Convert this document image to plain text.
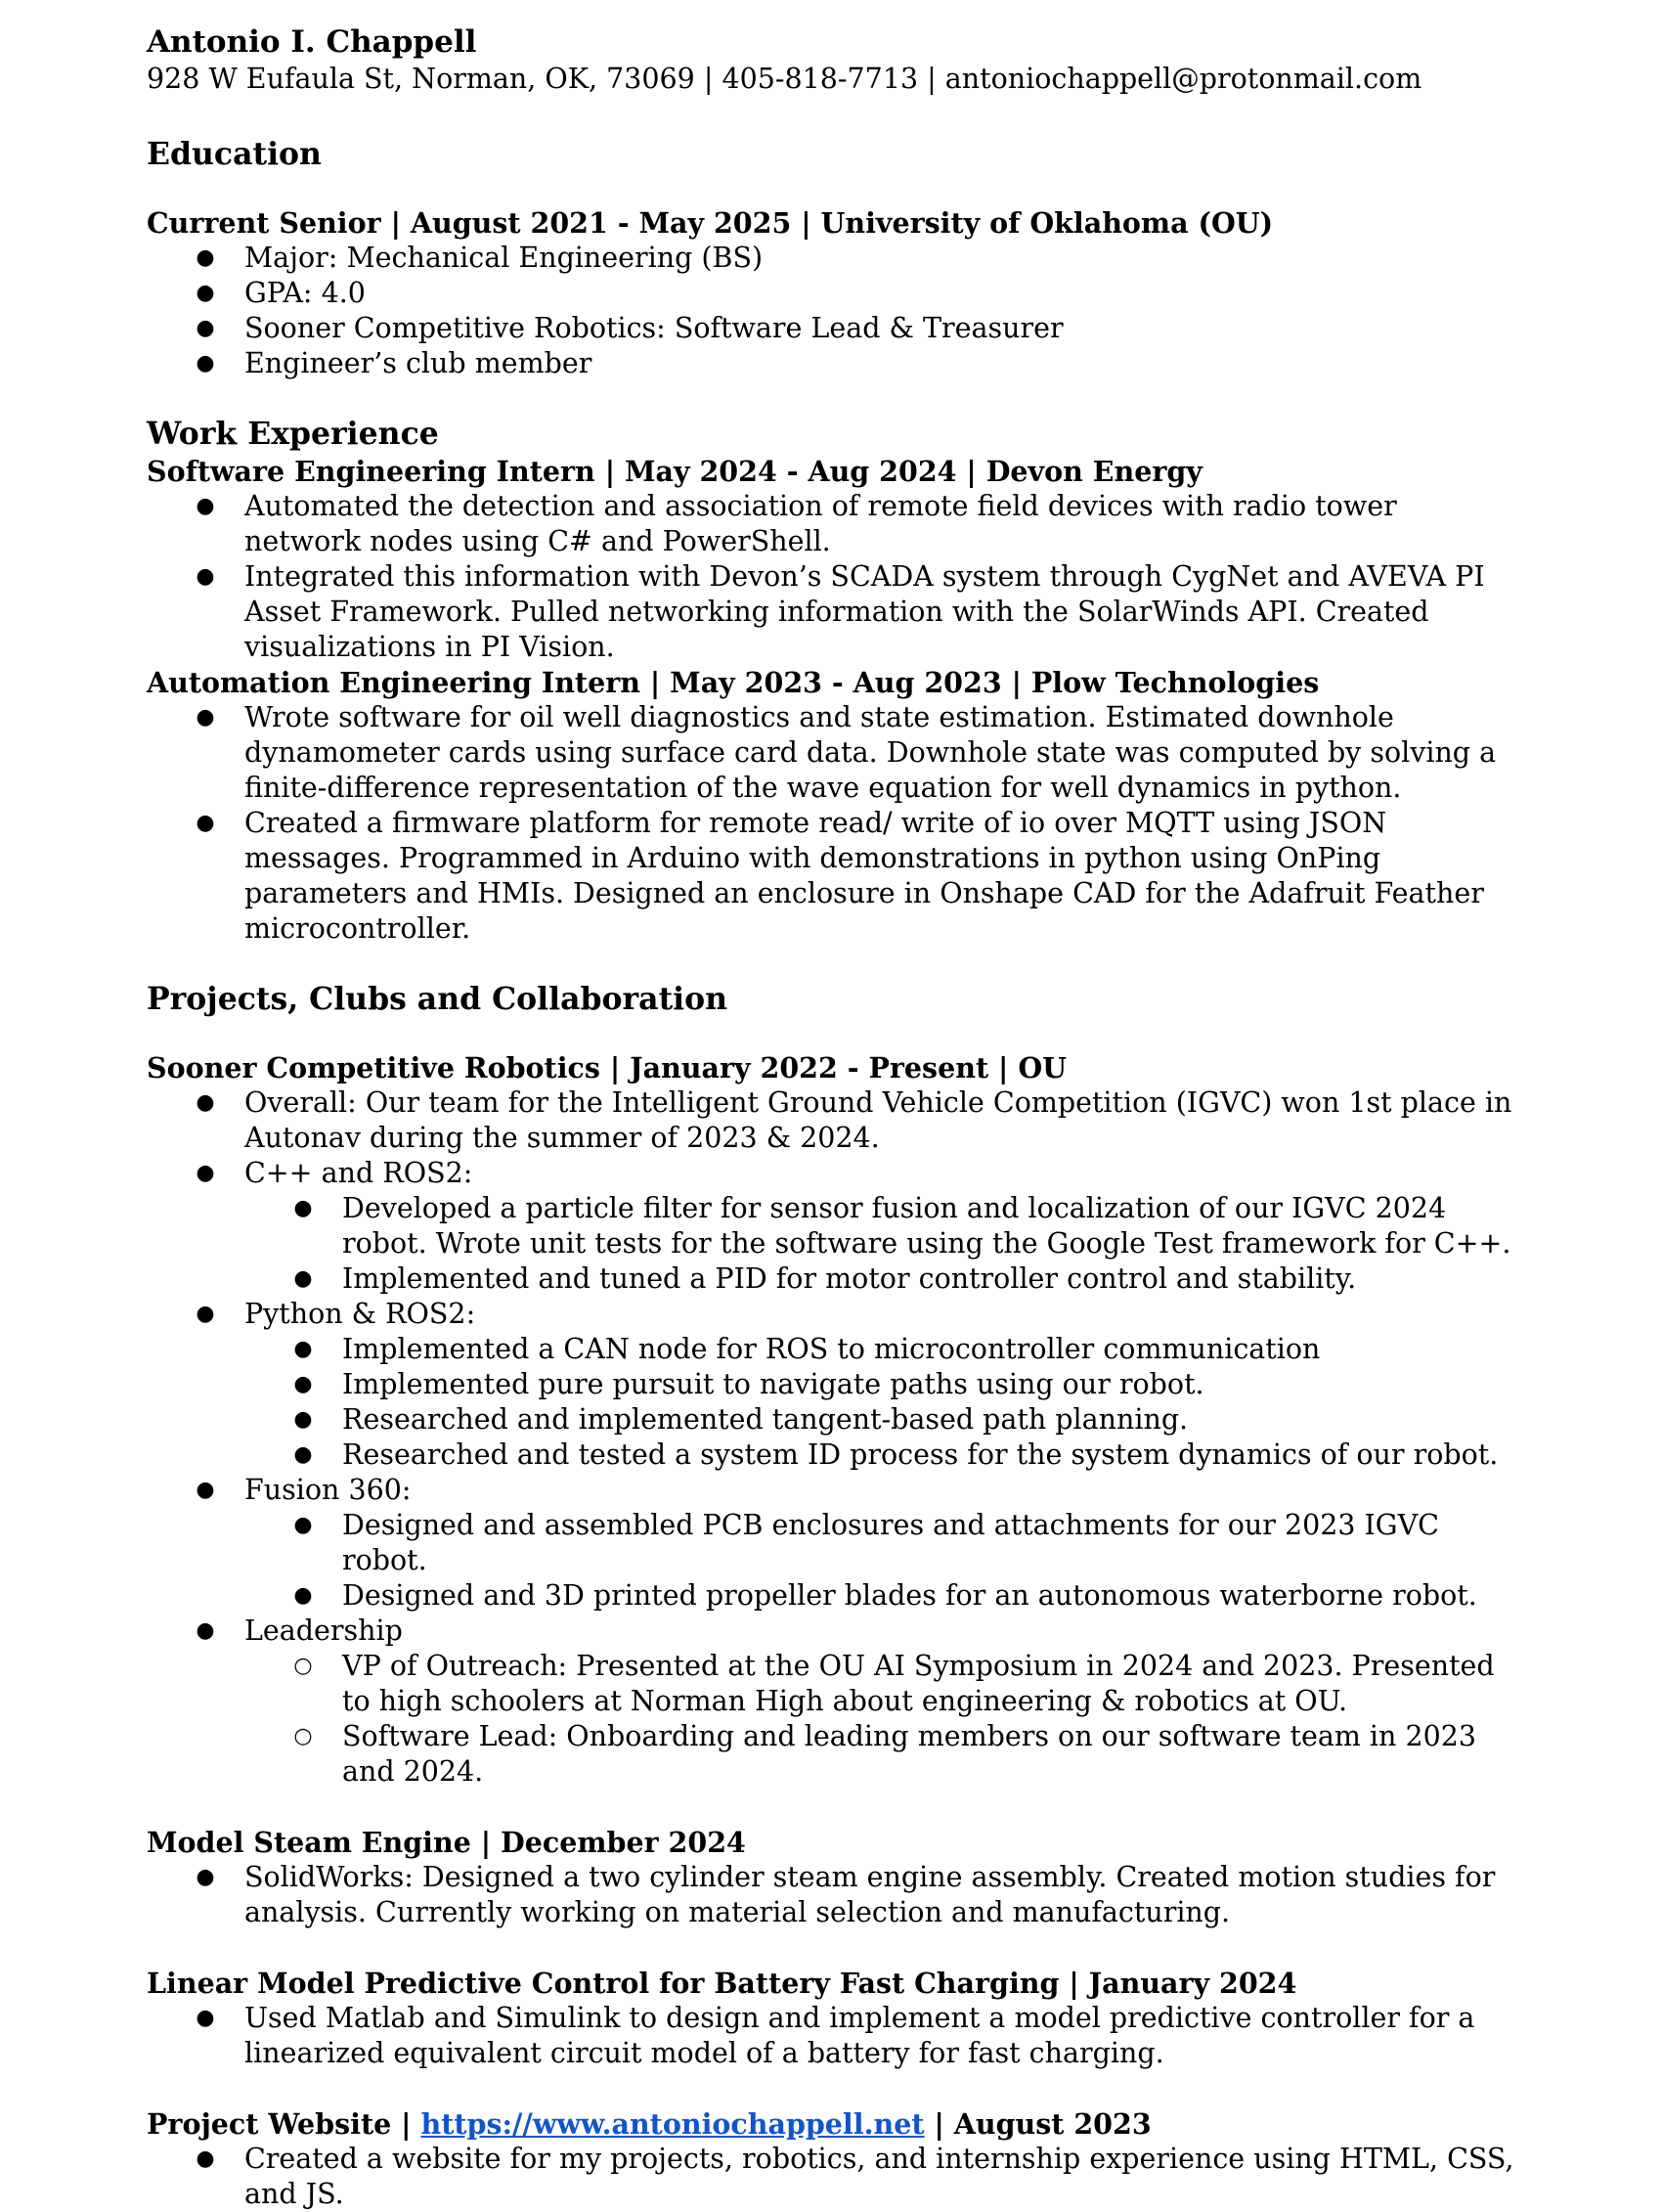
Antonio I. Chappell
928 W Eufaula St, Norman, OK, 73069 | 405-818-7713 | antoniochappell@protonmail.com
Education
Current Senior | August 2021 - May 2025 | University of Oklahoma (OU)
● Major: Mechanical Engineering (BS)
● GPA: 4.0
● Sooner Competitive Robotics: Software Lead & Treasurer
● Engineer’s club member
Work Experience
Software Engineering Intern | May 2024 - Aug 2024 | Devon Energy
● Automated the detection and association of remote field devices with radio tower network nodes using C# and PowerShell.
● Integrated this information with Devon’s SCADA system through CygNet and AVEVA PI Asset Framework. Pulled networking information with the SolarWinds API. Created visualizations in PI Vision.
Automation Engineering Intern | May 2023 - Aug 2023 | Plow Technologies
● Wrote software for oil well diagnostics and state estimation. Estimated downhole dynamometer cards using surface card data. Downhole state was computed by solving a finite-difference representation of the wave equation for well dynamics in python.
● Created a firmware platform for remote read/ write of io over MQTT using JSON messages. Programmed in Arduino with demonstrations in python using OnPing parameters and HMIs. Designed an enclosure in Onshape CAD for the Adafruit Feather microcontroller.
Projects, Clubs and Collaboration
Sooner Competitive Robotics | January 2022 - Present | OU
● Overall: Our team for the Intelligent Ground Vehicle Competition (IGVC) won 1st place in Autonav during the summer of 2023 & 2024.
● C++ and ROS2:
● Developed a particle filter for sensor fusion and localization of our IGVC 2024 robot. Wrote unit tests for the software using the Google Test framework for C++.
● Implemented and tuned a PID for motor controller control and stability.
● Python & ROS2:
● Implemented a CAN node for ROS to microcontroller communication
● Implemented pure pursuit to navigate paths using our robot.
● Researched and implemented tangent-based path planning.
● Researched and tested a system ID process for the system dynamics of our robot.
● Fusion 360:
● Designed and assembled PCB enclosures and attachments for our 2023 IGVC robot.
● Designed and 3D printed propeller blades for an autonomous waterborne robot.
● Leadership
○ VP of Outreach: Presented at the OU AI Symposium in 2024 and 2023. Presented to high schoolers at Norman High about engineering & robotics at OU.
○ Software Lead: Onboarding and leading members on our software team in 2023 and 2024.
Model Steam Engine | December 2024
● SolidWorks: Designed a two cylinder steam engine assembly. Created motion studies for analysis. Currently working on material selection and manufacturing.
Linear Model Predictive Control for Battery Fast Charging | January 2024
● Used Matlab and Simulink to design and implement a model predictive controller for a linearized equivalent circuit model of a battery for fast charging.
Project Website | https://www.antoniochappell.net | August 2023
● Created a website for my projects, robotics, and internship experience using HTML, CSS, and JS.
